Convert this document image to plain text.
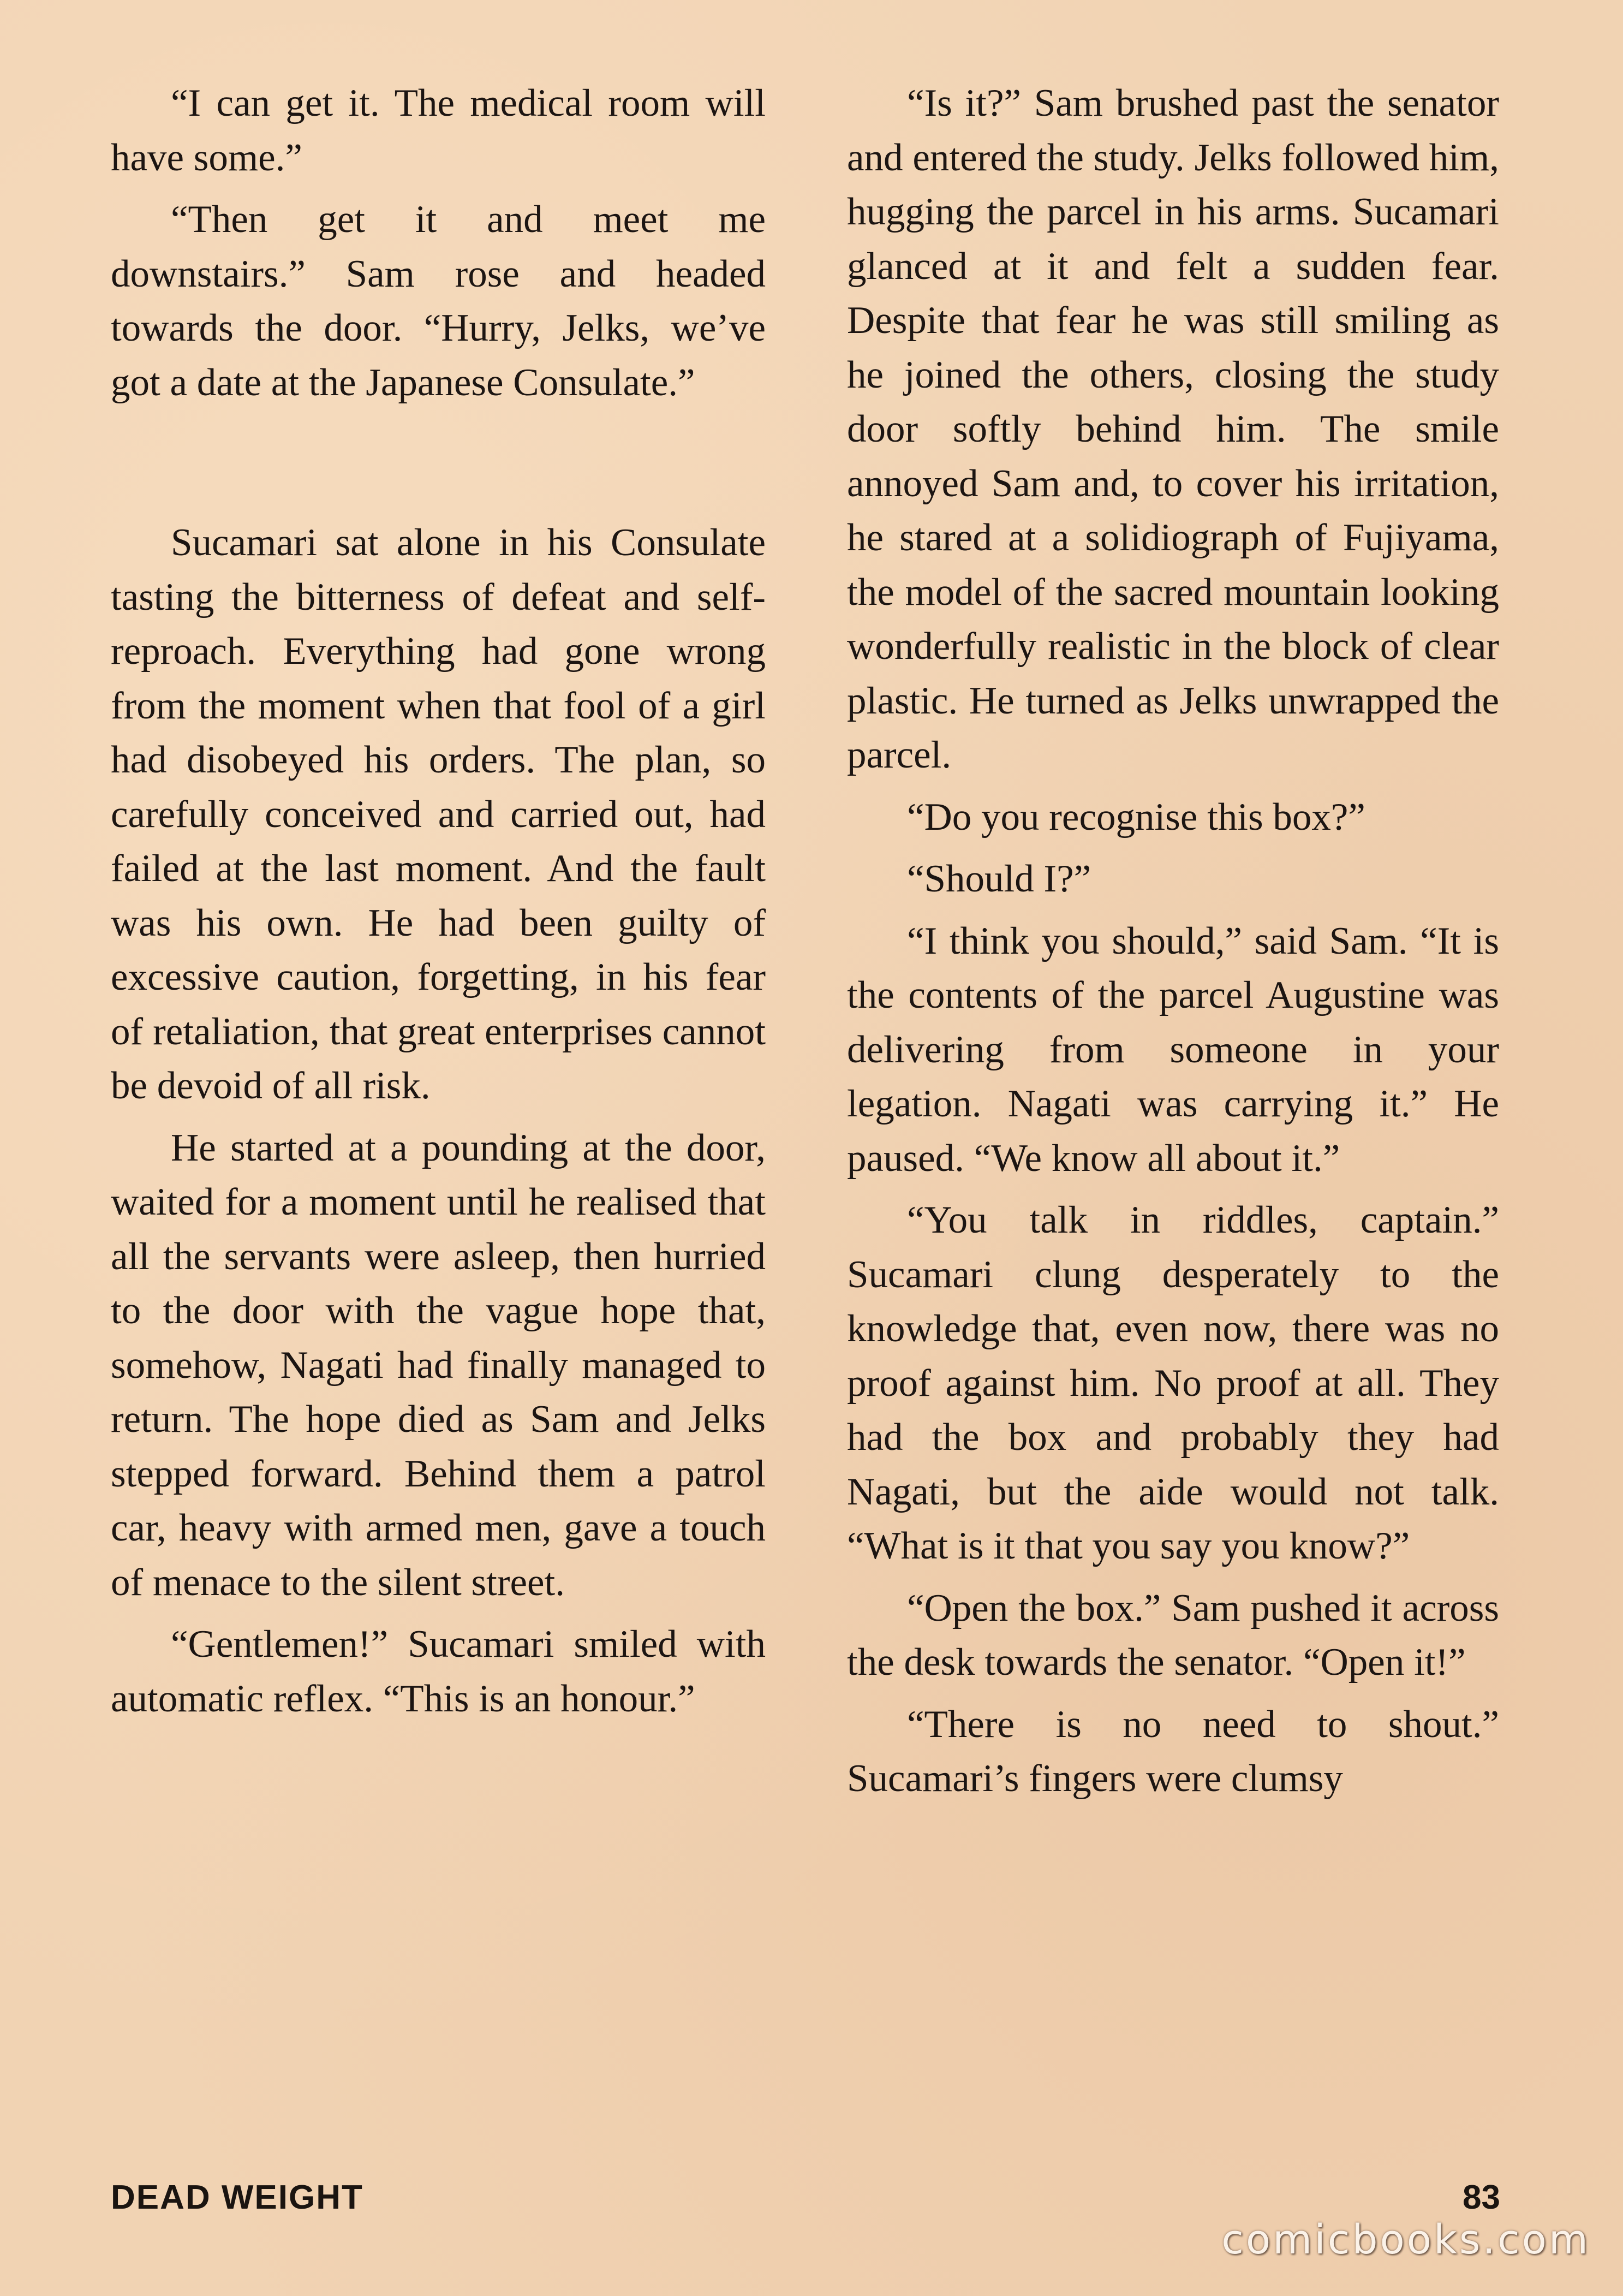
“I can get it. The medical room will have some.”

“Then get it and meet me downstairs.” Sam rose and headed towards the door. “Hurry, Jelks, we’ve got a date at the Japanese Consulate.”

Sucamari sat alone in his Consulate tasting the bitterness of defeat and self-reproach. Everything had gone wrong from the moment when that fool of a girl had disobeyed his orders. The plan, so carefully conceived and carried out, had failed at the last moment. And the fault was his own. He had been guilty of excessive caution, forgetting, in his fear of retaliation, that great enterprises cannot be devoid of all risk.

He started at a pounding at the door, waited for a moment until he realised that all the servants were asleep, then hurried to the door with the vague hope that, somehow, Nagati had finally managed to return. The hope died as Sam and Jelks stepped forward. Behind them a patrol car, heavy with armed men, gave a touch of menace to the silent street.

“Gentlemen!” Sucamari smiled with automatic reflex. “This is an honour.”

“Is it?” Sam brushed past the senator and entered the study. Jelks followed him, hugging the parcel in his arms. Sucamari glanced at it and felt a sudden fear. Despite that fear he was still smiling as he joined the others, closing the study door softly behind him. The smile annoyed Sam and, to cover his irritation, he stared at a solidiograph of Fujiyama, the model of the sacred mountain looking wonderfully realistic in the block of clear plastic. He turned as Jelks unwrapped the parcel.

“Do you recognise this box?”

“Should I?”

“I think you should,” said Sam. “It is the contents of the parcel Augustine was delivering from someone in your legation. Nagati was carrying it.” He paused. “We know all about it.”

“You talk in riddles, captain.” Sucamari clung desperately to the knowledge that, even now, there was no proof against him. No proof at all. They had the box and probably they had Nagati, but the aide would not talk. “What is it that you say you know?”

“Open the box.” Sam pushed it across the desk towards the senator. “Open it!”

“There is no need to shout.” Sucamari’s fingers were clumsy

DEAD WEIGHT	83
comicbooks.com
